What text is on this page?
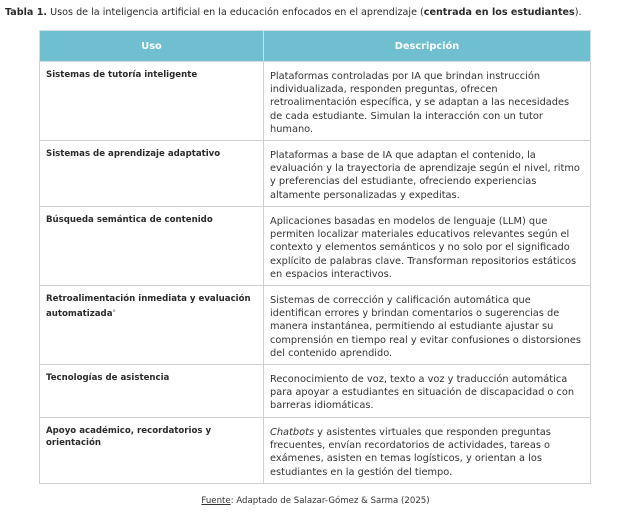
Tabla 1. Usos de la inteligencia artificial en la educación enfocados en el aprendizaje (centrada en los estudiantes).
Uso	Descripción

Sistemas de tutoría inteligente	Plataformas controladas por IA que brindan instrucción individualizada, responden preguntas, ofrecen retroalimentación específica, y se adaptan a las necesidades de cada estudiante. Simulan la interacción con un tutor humano.

Sistemas de aprendizaje adaptativo	Plataformas a base de IA que adaptan el contenido, la evaluación y la trayectoria de aprendizaje según el nivel, ritmo y preferencias del estudiante, ofreciendo experiencias altamente personalizadas y expeditas.

Búsqueda semántica de contenido	Aplicaciones basadas en modelos de lenguaje (LLM) que permiten localizar materiales educativos relevantes según el contexto y elementos semánticos y no solo por el significado explícito de palabras clave. Transforman repositorios estáticos en espacios interactivos.

Retroalimentación inmediata y evaluación automatizada$^a$	Sistemas de corrección y calificación automática que identifican errores y brindan comentarios o sugerencias de manera instantánea, permitiendo al estudiante ajustar su comprensión en tiempo real y evitar confusiones o distorsiones del contenido aprendido.

Tecnologías de asistencia	Reconocimiento de voz, texto a voz y traducción automática para apoyar a estudiantes en situación de discapacidad o con barreras idiomáticas.

Apoyo académico, recordatorios y orientación	Chatbots y asistentes virtuales que responden preguntas frecuentes, envían recordatorios de actividades, tareas o exámenes, asisten en temas logísticos, y orientan a los estudiantes en la gestión del tiempo.
Fuente: Adaptado de Salazar-Gómez & Sarma (2025)
